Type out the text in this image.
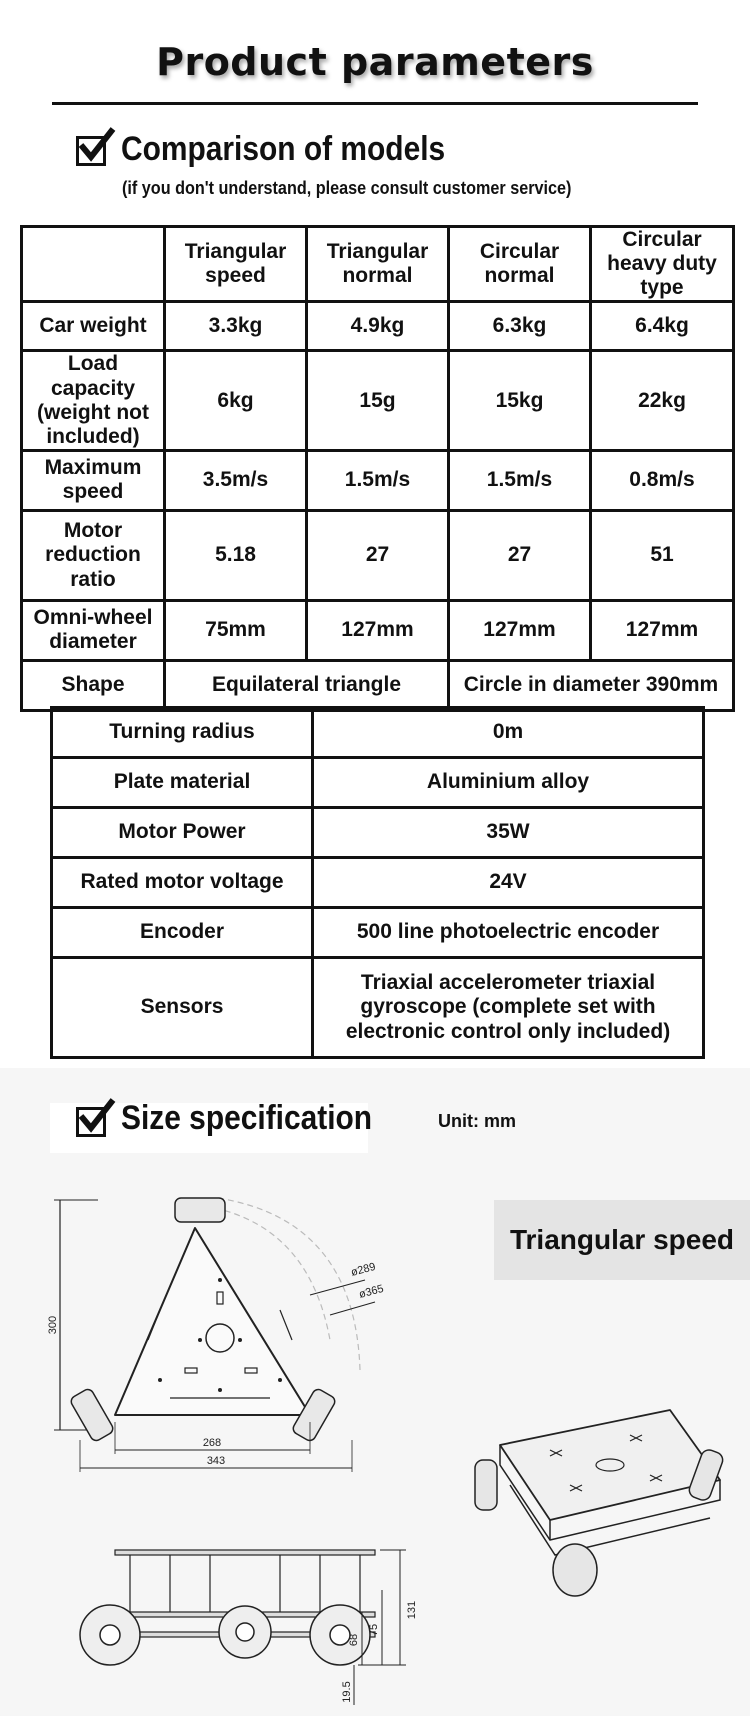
Product parameters
Comparison of models
(if you don't understand, please consult customer service)
	Triangular speed	Triangular normal	Circular normal	Circular heavy duty type
Car weight	3.3kg	4.9kg	6.3kg	6.4kg
Load capacity (weight not included)	6kg	15g	15kg	22kg
Maximum speed	3.5m/s	1.5m/s	1.5m/s	0.8m/s
Motor reduction ratio	5.18	27	27	51
Omni-wheel diameter	75mm	127mm	127mm	127mm
Shape	Equilateral triangle		Circle in diameter 390mm	
Turning radius	0m
Plate material	Aluminium alloy
Motor Power	35W
Rated motor voltage	24V
Encoder	500 line photoelectric encoder
Sensors	Triaxial accelerometer triaxial gyroscope (complete set with electronic control only included)
Size specification	Unit: mm
Triangular speed
300
ø289
ø365
268
343
131
75
68
19.5
